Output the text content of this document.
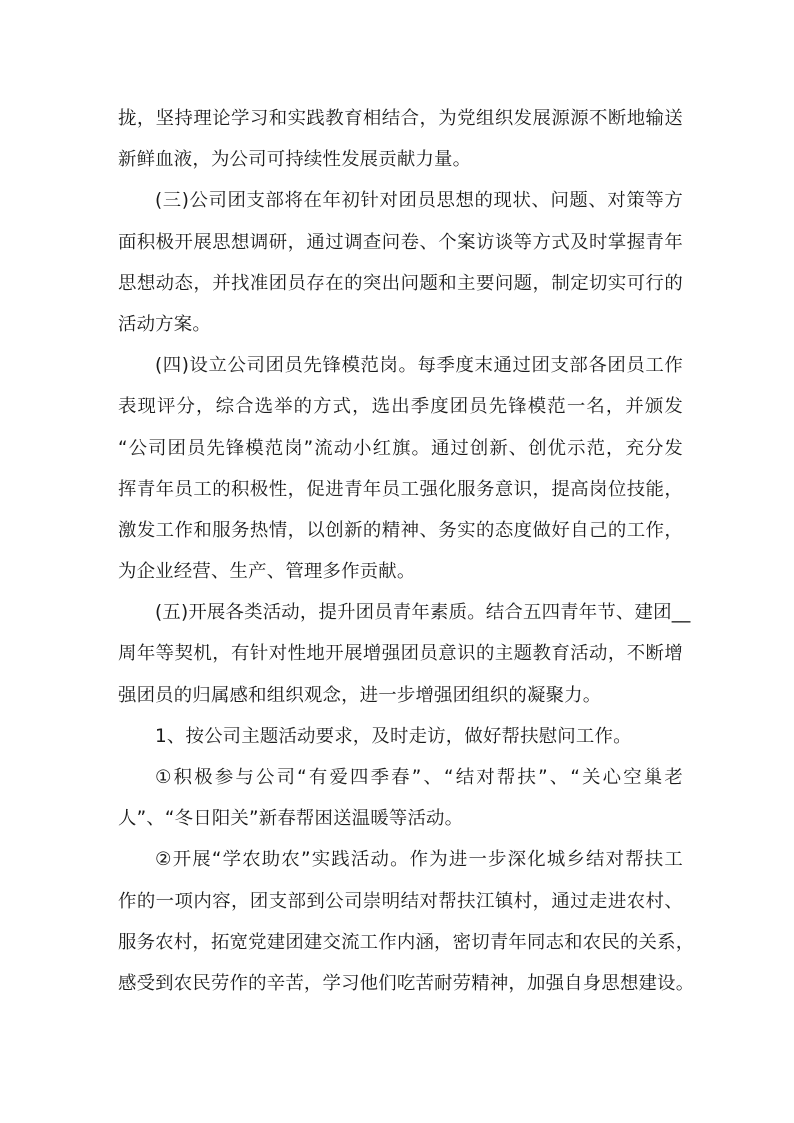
拢，坚持理论学习和实践教育相结合，为党组织发展源源不断地输送
新鲜血液，为公司可持续性发展贡献力量。
(三)公司团支部将在年初针对团员思想的现状、问题、对策等方
面积极开展思想调研，通过调查问卷、个案访谈等方式及时掌握青年
思想动态，并找准团员存在的突出问题和主要问题，制定切实可行的
活动方案。
(四)设立公司团员先锋模范岗。每季度末通过团支部各团员工作
表现评分，综合选举的方式，选出季度团员先锋模范一名，并颁发
“公司团员先锋模范岗”流动小红旗。通过创新、创优示范，充分发
挥青年员工的积极性，促进青年员工强化服务意识，提高岗位技能，
激发工作和服务热情，以创新的精神、务实的态度做好自己的工作，
为企业经营、生产、管理多作贡献。
(五)开展各类活动，提升团员青年素质。结合五四青年节、建团__
周年等契机，有针对性地开展增强团员意识的主题教育活动，不断增
强团员的归属感和组织观念，进一步增强团组织的凝聚力。
1、按公司主题活动要求，及时走访，做好帮扶慰问工作。
①积极参与公司“有爱四季春”、“结对帮扶”、“关心空巢老
人”、“冬日阳关”新春帮困送温暖等活动。
②开展“学农助农”实践活动。作为进一步深化城乡结对帮扶工
作的一项内容，团支部到公司崇明结对帮扶江镇村，通过走进农村、
服务农村，拓宽党建团建交流工作内涵，密切青年同志和农民的关系，
感受到农民劳作的辛苦，学习他们吃苦耐劳精神，加强自身思想建设。
